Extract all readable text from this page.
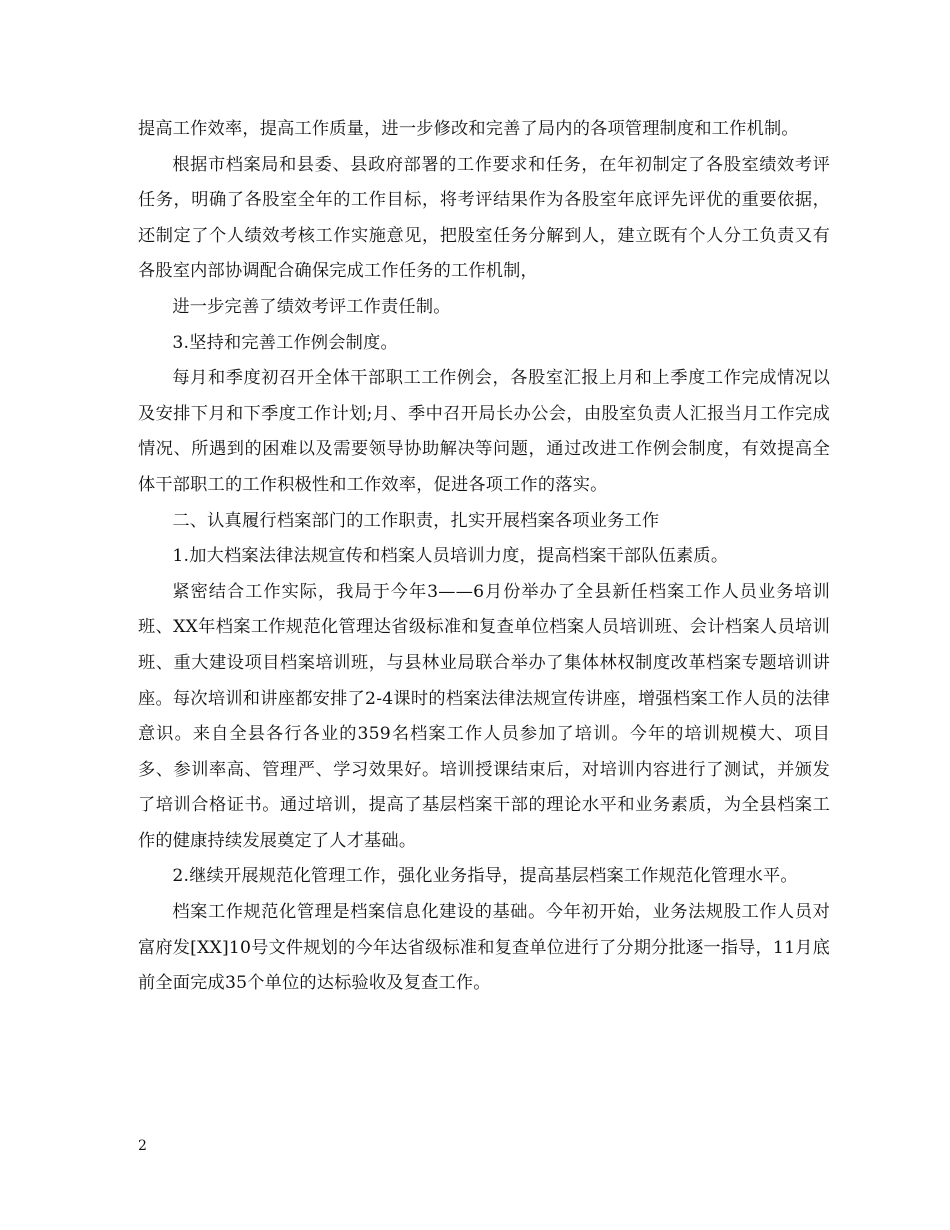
提高工作效率，提高工作质量，进一步修改和完善了局内的各项管理制度和工作机制。

根据市档案局和县委、县政府部署的工作要求和任务，在年初制定了各股室绩效考评任务，明确了各股室全年的工作目标，将考评结果作为各股室年底评先评优的重要依据，还制定了个人绩效考核工作实施意见，把股室任务分解到人，建立既有个人分工负责又有各股室内部协调配合确保完成工作任务的工作机制，

进一步完善了绩效考评工作责任制。

3.坚持和完善工作例会制度。

每月和季度初召开全体干部职工工作例会，各股室汇报上月和上季度工作完成情况以及安排下月和下季度工作计划;月、季中召开局长办公会，由股室负责人汇报当月工作完成情况、所遇到的困难以及需要领导协助解决等问题，通过改进工作例会制度，有效提高全体干部职工的工作积极性和工作效率，促进各项工作的落实。

二、认真履行档案部门的工作职责，扎实开展档案各项业务工作

1.加大档案法律法规宣传和档案人员培训力度，提高档案干部队伍素质。

紧密结合工作实际，我局于今年3——6月份举办了全县新任档案工作人员业务培训班、XX年档案工作规范化管理达省级标准和复查单位档案人员培训班、会计档案人员培训班、重大建设项目档案培训班，与县林业局联合举办了集体林权制度改革档案专题培训讲座。每次培训和讲座都安排了2-4课时的档案法律法规宣传讲座，增强档案工作人员的法律意识。来自全县各行各业的359名档案工作人员参加了培训。今年的培训规模大、项目多、参训率高、管理严、学习效果好。培训授课结束后，对培训内容进行了测试，并颁发了培训合格证书。通过培训，提高了基层档案干部的理论水平和业务素质，为全县档案工作的健康持续发展奠定了人才基础。

2.继续开展规范化管理工作，强化业务指导，提高基层档案工作规范化管理水平。

档案工作规范化管理是档案信息化建设的基础。今年初开始，业务法规股工作人员对富府发[XX]10号文件规划的今年达省级标准和复查单位进行了分期分批逐一指导，11月底前全面完成35个单位的达标验收及复查工作。

2
